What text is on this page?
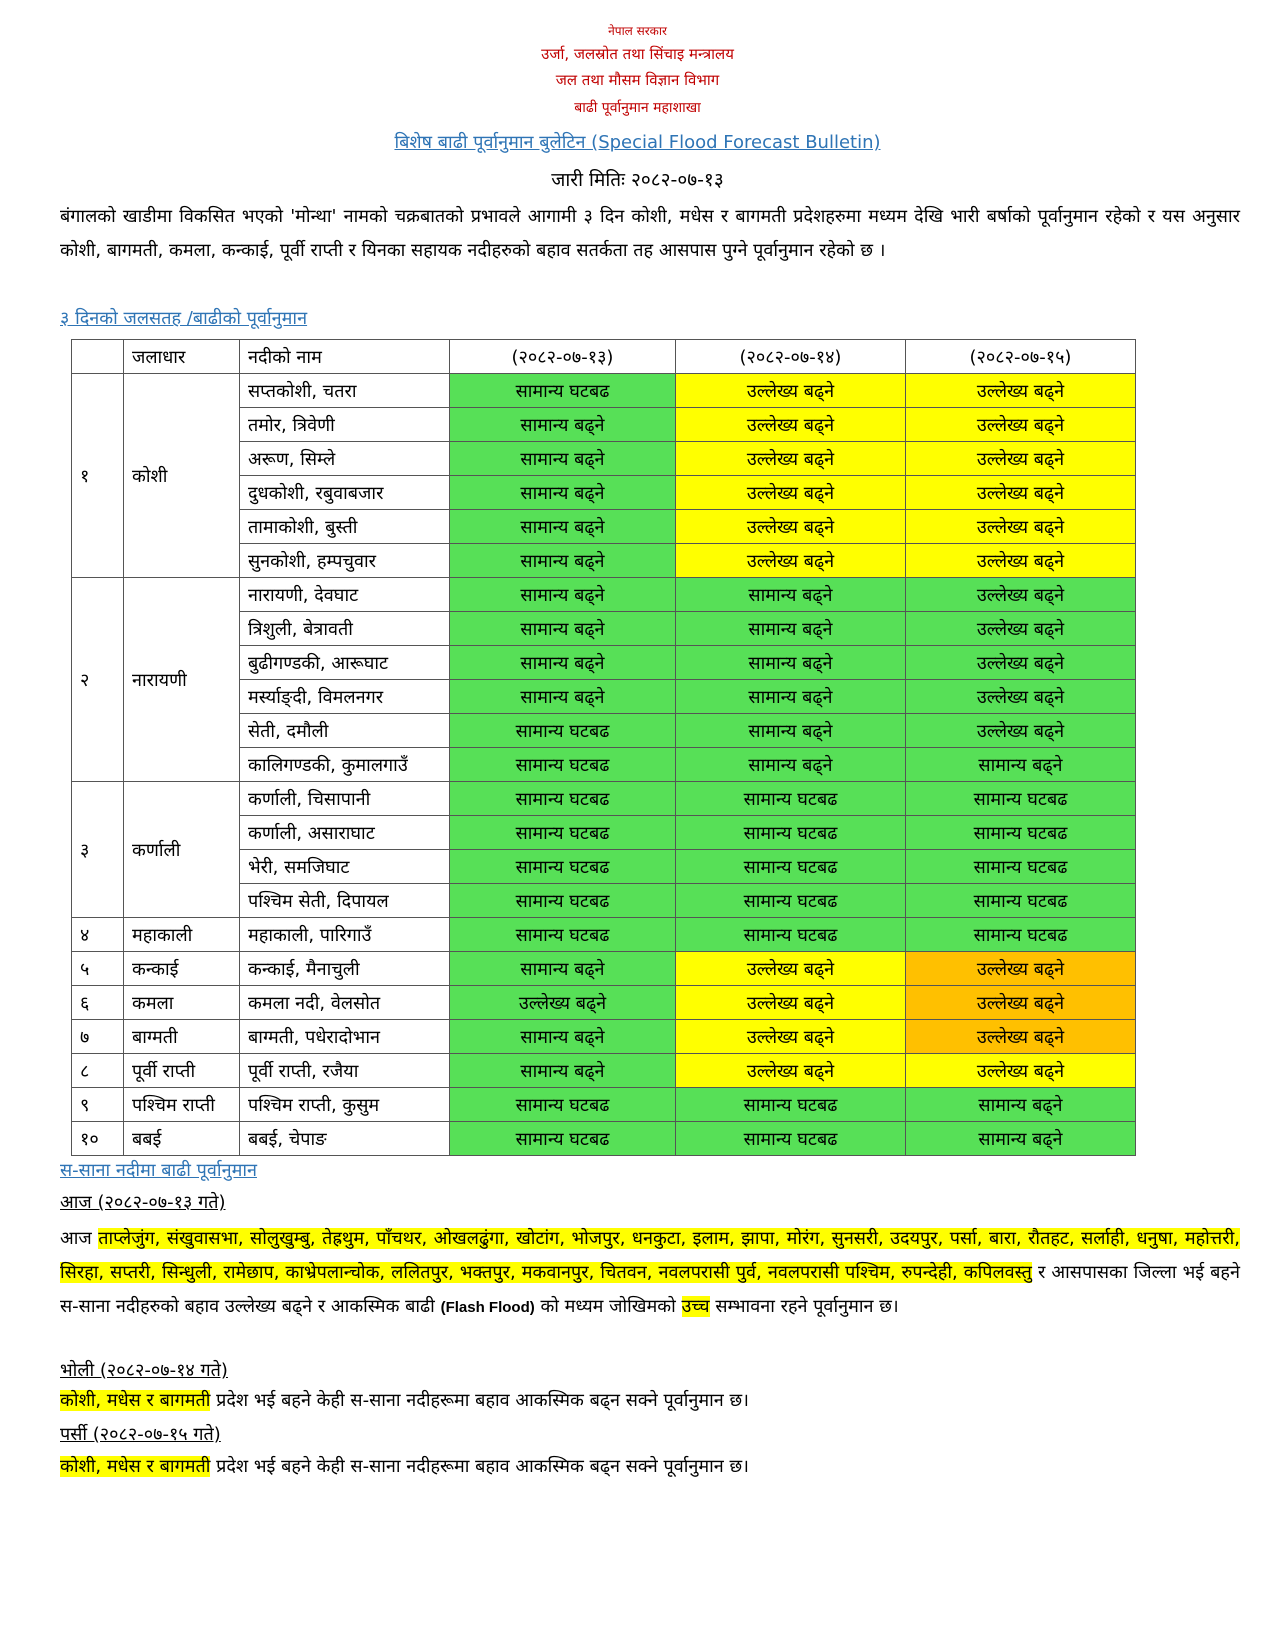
नेपाल सरकार
उर्जा, जलस्रोत तथा सिंचाइ मन्त्रालय
जल तथा मौसम विज्ञान विभाग
बाढी पूर्वानुमान महाशाखा
बिशेष बाढी पूर्वानुमान बुलेटिन (Special Flood Forecast Bulletin)
जारी मितिः २०८२-०७-१३
बंगालको खाडीमा विकसित भएको 'मोन्था' नामको चक्रबातको प्रभावले आगामी ३ दिन कोशी, मधेस र बागमती प्रदेशहरुमा मध्यम देखि भारी बर्षाको पूर्वानुमान रहेको र यस अनुसार कोशी, बागमती, कमला, कन्काई, पूर्वी राप्ती र यिनका सहायक नदीहरुको बहाव सतर्कता तह आसपास पुग्ने पूर्वानुमान रहेको छ ।
३ दिनको जलसतह /बाढीको पूर्वानुमान
	जलाधार	नदीको नाम	(२०८२-०७-१३)	(२०८२-०७-१४)	(२०८२-०७-१५)
१	कोशी	सप्तकोशी, चतरा	सामान्य घटबढ	उल्लेख्य बढ्ने	उल्लेख्य बढ्ने
		तमोर, त्रिवेणी	सामान्य बढ्ने	उल्लेख्य बढ्ने	उल्लेख्य बढ्ने
		अरूण, सिम्ले	सामान्य बढ्ने	उल्लेख्य बढ्ने	उल्लेख्य बढ्ने
		दुधकोशी, रबुवाबजार	सामान्य बढ्ने	उल्लेख्य बढ्ने	उल्लेख्य बढ्ने
		तामाकोशी, बुस्ती	सामान्य बढ्ने	उल्लेख्य बढ्ने	उल्लेख्य बढ्ने
		सुनकोशी, हम्पचुवार	सामान्य बढ्ने	उल्लेख्य बढ्ने	उल्लेख्य बढ्ने
२	नारायणी	नारायणी, देवघाट	सामान्य बढ्ने	सामान्य बढ्ने	उल्लेख्य बढ्ने
		त्रिशुली, बेत्रावती	सामान्य बढ्ने	सामान्य बढ्ने	उल्लेख्य बढ्ने
		बुढीगण्डकी, आरूघाट	सामान्य बढ्ने	सामान्य बढ्ने	उल्लेख्य बढ्ने
		मर्स्याङ्दी, विमलनगर	सामान्य बढ्ने	सामान्य बढ्ने	उल्लेख्य बढ्ने
		सेती, दमौली	सामान्य घटबढ	सामान्य बढ्ने	उल्लेख्य बढ्ने
		कालिगण्डकी, कुमालगाउँ	सामान्य घटबढ	सामान्य बढ्ने	सामान्य बढ्ने
३	कर्णाली	कर्णाली, चिसापानी	सामान्य घटबढ	सामान्य घटबढ	सामान्य घटबढ
		कर्णाली, असाराघाट	सामान्य घटबढ	सामान्य घटबढ	सामान्य घटबढ
		भेरी, समजिघाट	सामान्य घटबढ	सामान्य घटबढ	सामान्य घटबढ
		पश्चिम सेती, दिपायल	सामान्य घटबढ	सामान्य घटबढ	सामान्य घटबढ
४	महाकाली	महाकाली, पारिगाउँ	सामान्य घटबढ	सामान्य घटबढ	सामान्य घटबढ
५	कन्काई	कन्काई, मैनाचुली	सामान्य बढ्ने	उल्लेख्य बढ्ने	उल्लेख्य बढ्ने
६	कमला	कमला नदी, वेलसोत	उल्लेख्य बढ्ने	उल्लेख्य बढ्ने	उल्लेख्य बढ्ने
७	बाग्मती	बाग्मती, पधेरादोभान	सामान्य बढ्ने	उल्लेख्य बढ्ने	उल्लेख्य बढ्ने
८	पूर्वी राप्ती	पूर्वी राप्ती, रजैया	सामान्य बढ्ने	उल्लेख्य बढ्ने	उल्लेख्य बढ्ने
९	पश्चिम राप्ती	पश्चिम राप्ती, कुसुम	सामान्य घटबढ	सामान्य घटबढ	सामान्य बढ्ने
१०	बबई	बबई, चेपाङ	सामान्य घटबढ	सामान्य घटबढ	सामान्य बढ्ने
स-साना नदीमा बाढी पूर्वानुमान
आज (२०८२-०७-१३ गते)
आज ताप्लेजुंग, संखुवासभा, सोलुखुम्बु, तेह्रथुम, पाँचथर, ओखलढुंगा, खोटांग, भोजपुर, धनकुटा, इलाम, झापा, मोरंग, सुनसरी, उदयपुर, पर्सा, बारा, रौतहट, सर्लाही, धनुषा, महोत्तरी, सिरहा, सप्तरी, सिन्धुली, रामेछाप, काभ्रेपलान्चोक, ललितपुर, भक्तपुर, मकवानपुर, चितवन, नवलपरासी पुर्व, नवलपरासी पश्चिम, रुपन्देही, कपिलवस्तु र आसपासका जिल्ला भई बहने स-साना नदीहरुको बहाव उल्लेख्य बढ्ने र आकस्मिक बाढी (Flash Flood) को मध्यम जोखिमको उच्च सम्भावना रहने पूर्वानुमान छ।
भोली (२०८२-०७-१४ गते)
कोशी, मधेस र बागमती प्रदेश भई बहने केही स-साना नदीहरूमा बहाव आकस्मिक बढ्न सक्ने पूर्वानुमान छ।
पर्सी (२०८२-०७-१५ गते)
कोशी, मधेस र बागमती प्रदेश भई बहने केही स-साना नदीहरूमा बहाव आकस्मिक बढ्न सक्ने पूर्वानुमान छ।
